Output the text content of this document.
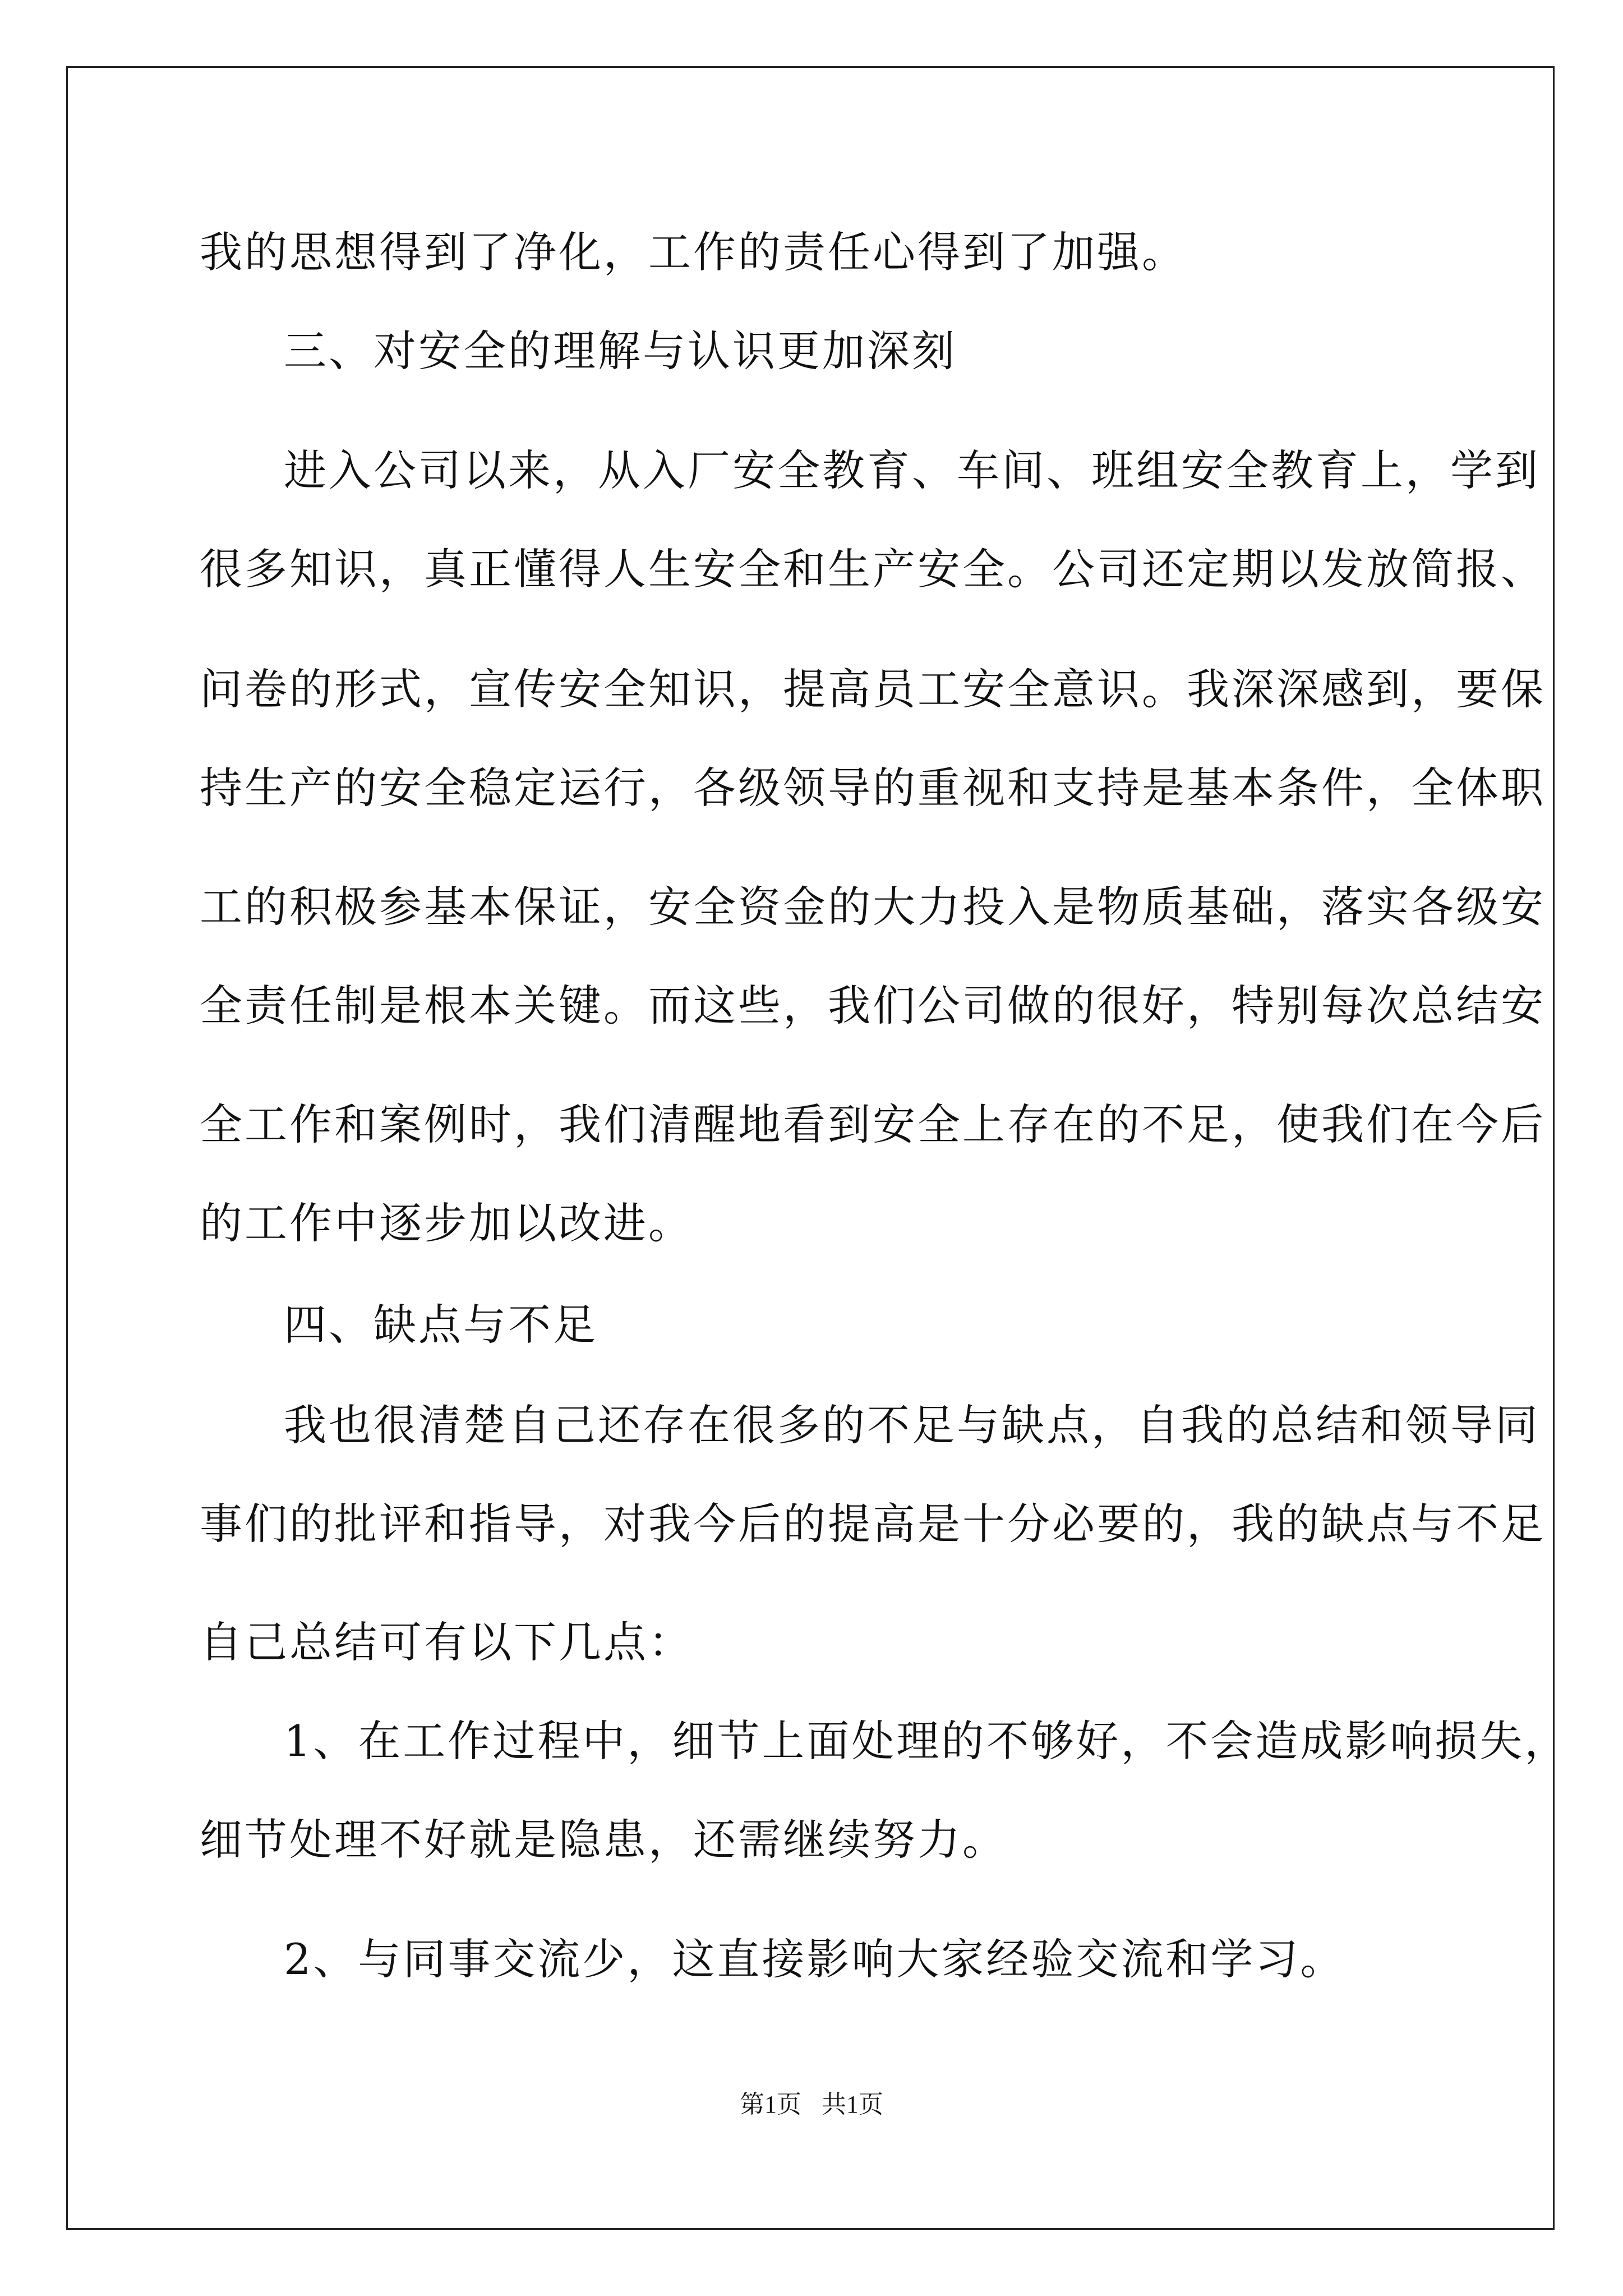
我的思想得到了净化，工作的责任心得到了加强。
三、对安全的理解与认识更加深刻
进入公司以来，从入厂安全教育、车间、班组安全教育上，学到
很多知识，真正懂得人生安全和生产安全。公司还定期以发放简报、
问卷的形式，宣传安全知识，提高员工安全意识。我深深感到，要保
持生产的安全稳定运行，各级领导的重视和支持是基本条件，全体职
工的积极参基本保证，安全资金的大力投入是物质基础，落实各级安
全责任制是根本关键。而这些，我们公司做的很好，特别每次总结安
全工作和案例时，我们清醒地看到安全上存在的不足，使我们在今后
的工作中逐步加以改进。
四、缺点与不足
我也很清楚自己还存在很多的不足与缺点，自我的总结和领导同
事们的批评和指导，对我今后的提高是十分必要的，我的缺点与不足
自己总结可有以下几点：
1、在工作过程中，细节上面处理的不够好，不会造成影响损失，
细节处理不好就是隐患，还需继续努力。
2、与同事交流少，这直接影响大家经验交流和学习。
第1页 共1页
